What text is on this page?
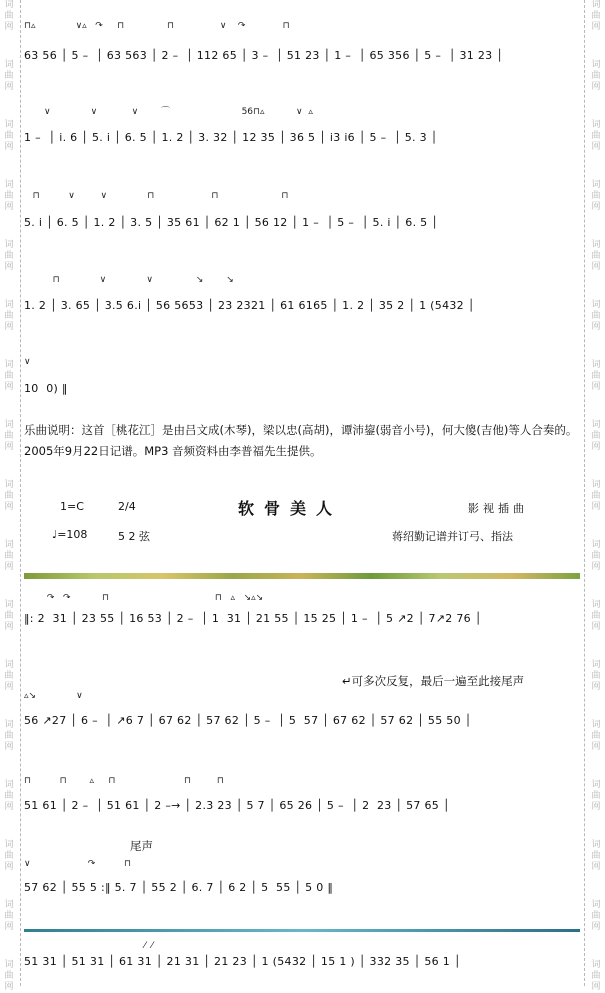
词
曲
网
词
曲
网
词
曲
网
词
曲
网
词
曲
网
词
曲
网
词
曲
网
词
曲
网
词
曲
网
词
曲
网
词
曲
网
词
曲
网
词
曲
网
词
曲
网
词
曲
网
词
曲
网
词
曲
网
词
曲
网
词
曲
网
词
曲
网
词
曲
网
词
曲
网
词
曲
网
词
曲
网
词
曲
网
词
曲
网
词
曲
网
词
曲
网
词
曲
网
词
曲
网
词
曲
网
词
曲
网
词
曲
网
词
曲
网
⊓▵              ∨▵   ↷     ⊓               ⊓                ∨    ↷             ⊓
63 56 │ 5 –  │ 63 563 │ 2 –  │ 112 65 │ 3 –  │ 51 23 │ 1 –  │ 65 356 │ 5 –  │ 31 23 │
∨              ∨            ∨        ⌒                         56⊓▵           ∨  ▵
1 –  │ i. 6 │ 5. i │ 6. 5 │ 1. 2 │ 3. 32 │ 12 35 │ 36 5 │ i3 i6 │ 5 –  │ 5. 3 │
⊓          ∨         ∨              ⊓                    ⊓                      ⊓
5. i │ 6. 5 │ 1. 2 │ 3. 5 │ 35 61 │ 62 1 │ 56 12 │ 1 –  │ 5 –  │ 5. i │ 6. 5 │
⊓              ∨              ∨               ↘        ↘
1. 2 │ 3. 65 │ 3.5 6.i │ 56 5653 │ 23 2321 │ 61 6165 │ 1. 2 │ 35 2 │ 1 (5432 │
∨
10  0) ‖
乐曲说明：这首［桃花江］是由吕文成(木琴)，梁以忠(高胡)，谭沛鋆(弱音小号)，何大傻(吉他)等人合奏的。2005年9月22日记谱。MP3 音频资料由李普福先生提供。
1=C	2/4	软骨美人	影视插曲
♩=108	5 2 弦	蒋绍勤记谱并订弓、指法
↷   ↷           ⊓                                     ⊓   ▵   ↘▵↘
‖: 2  31 │ 23 55 │ 16 53 │ 2 –  │ 1  31 │ 21 55 │ 15 25 │ 1 –  │ 5 ↗2 │ 7↗2 76 │
↵可多次反复，最后一遍至此接尾声
▵↘              ∨
56 ↗27 │ 6 –  │ ↗6 7 │ 67 62 │ 57 62 │ 5 –  │ 5  57 │ 67 62 │ 57 62 │ 55 50 │
⊓          ⊓        ▵     ⊓                        ⊓         ⊓
51 61 │ 2 –  │ 51 61 │ 2 –→ │ 2.3 23 │ 5 7 │ 65 26 │ 5 –  │ 2  23 │ 57 65 │
尾声
∨                    ↷          ⊓
57 62 │ 55 5 :‖ 5. 7 │ 55 2 │ 6. 7 │ 6 2 │ 5  55 │ 5 0 ‖
⁄  ⁄
51 31 │ 51 31 │ 61 31 │ 21 31 │ 21 23 │ 1 (5432 │ 15 1 ) │ 332 35 │ 56 1 │
